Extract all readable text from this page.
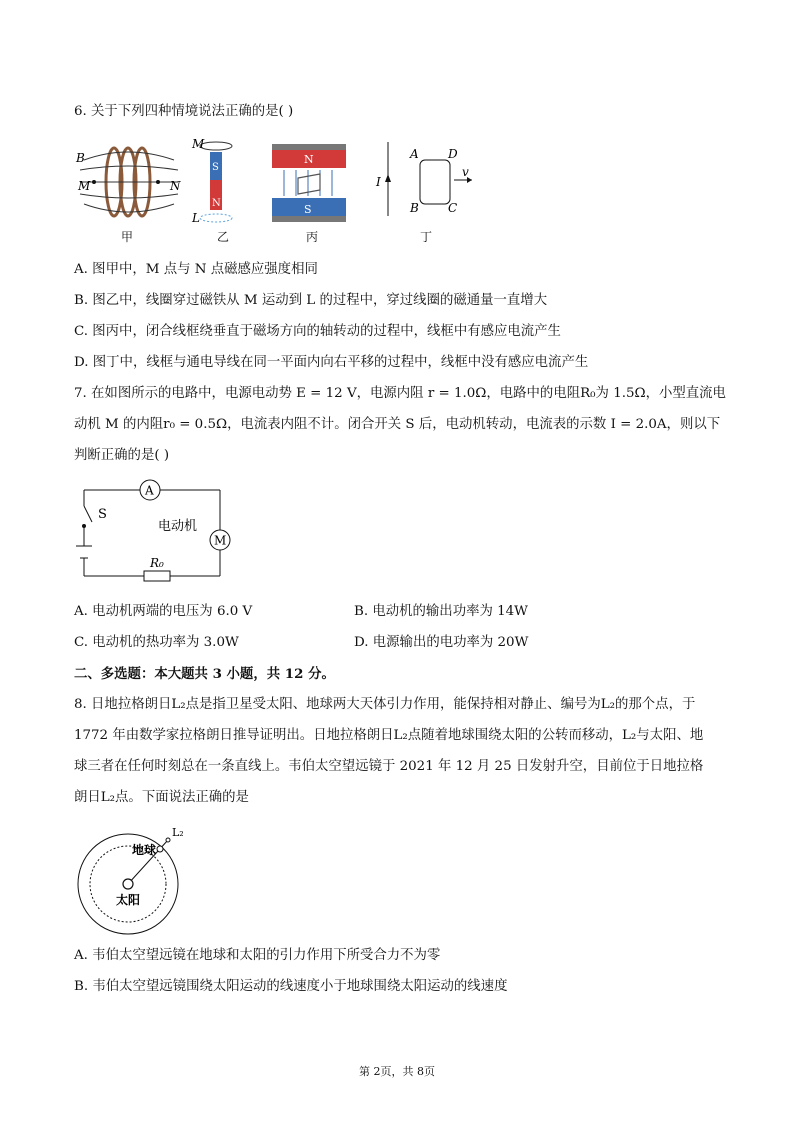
6. 关于下列四种情境说法正确的是( )
B
M	N
甲
S
N
M
L
乙
N
S
丙
I
A D
B C
v
丁
A. 图甲中，M 点与 N 点磁感应强度相同
B. 图乙中，线圈穿过磁铁从 M 运动到 L 的过程中，穿过线圈的磁通量一直增大
C. 图丙中，闭合线框绕垂直于磁场方向的轴转动的过程中，线框中有感应电流产生
D. 图丁中，线框与通电导线在同一平面内向右平移的过程中，线框中没有感应电流产生
7. 在如图所示的电路中，电源电动势 E = 12 V，电源内阻 r = 1.0Ω，电路中的电阻R₀为 1.5Ω，小型直流电
动机 M 的内阻r₀ = 0.5Ω，电流表内阻不计。闭合开关 S 后，电动机转动，电流表的示数 I = 2.0A，则以下
判断正确的是( )
A
M
S
电动机
R₀
A. 电动机两端的电压为 6.0 V	B. 电动机的输出功率为 14W
C. 电动机的热功率为 3.0W	D. 电源输出的电功率为 20W
二、多选题：本大题共 3 小题，共 12 分。
8. 日地拉格朗日L₂点是指卫星受太阳、地球两大天体引力作用，能保持相对静止、编号为L₂的那个点，于
1772 年由数学家拉格朗日推导证明出。日地拉格朗日L₂点随着地球围绕太阳的公转而移动，L₂与太阳、地
球三者在任何时刻总在一条直线上。韦伯太空望远镜于 2021 年 12 月 25 日发射升空，目前位于日地拉格
朗日L₂点。下面说法正确的是
地球
太阳
L₂
A. 韦伯太空望远镜在地球和太阳的引力作用下所受合力不为零
B. 韦伯太空望远镜围绕太阳运动的线速度小于地球围绕太阳运动的线速度
第 2页，共 8页
